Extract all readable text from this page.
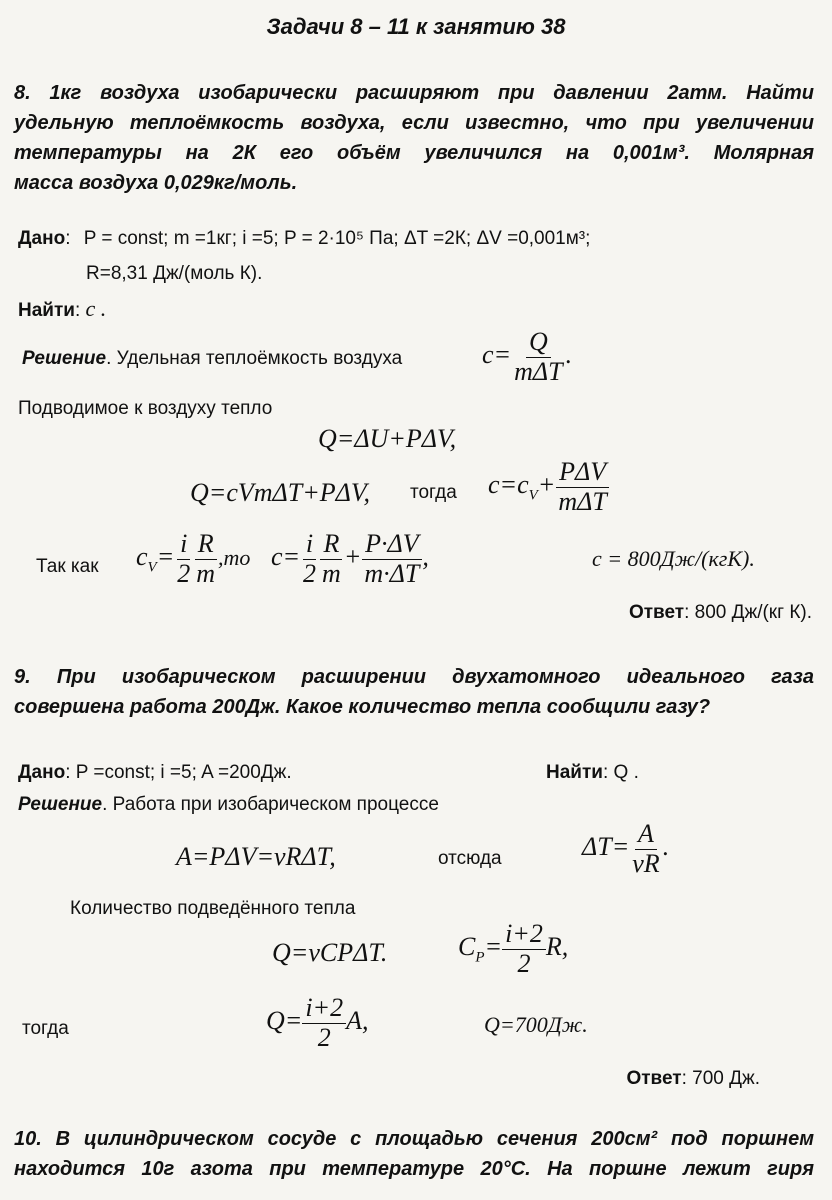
Задачи 8 – 11 к занятию 38
8. 1кг воздуха изобарически расширяют при давлении 2атм. Найти
удельную теплоёмкость воздуха, если известно, что при увеличении
температуры на 2К его объём увеличился на 0,001м³. Молярная
масса воздуха 0,029кг/моль.
Дано: P = const; m =1кг; i =5; P = 2·10⁵ Па; ΔT =2К; ΔV =0,001м³;
R=8,31 Дж/(моль К).
Найти: c .
Решение. Удельная теплоёмкость воздуха	$c= \frac{Q}{\text{mΔT}}$ .
Подводимое к воздуху тепло
Q=ΔU+PΔV,
Q=cVmΔT+PΔV, тогда $c=c_V+ \frac{\text{PΔV}}{\text{mΔT}}$
Так как $c_V= \frac{i}{2} \frac{R}{m} ,то$ $c= \frac{i}{2} \frac{R}{m} + \frac{P\cdot\Delta V}{m\cdot\Delta T}$ ,	c = 800Дж/(кгК).
Ответ: 800 Дж/(кг К).
9. При изобарическом расширении двухатомного идеального газа
совершена работа 200Дж. Какое количество тепла сообщили газу?
Дано: P =const; i =5; A =200Дж.	Найти: Q .
Решение. Работа при изобарическом процессе
A=PΔV=νRΔT,	отсюда	$\Delta T= \frac{A}{\nu R}$ .
Количество подведённого тепла
Q=νCPΔT.	$C_P= \frac{i+2}{2} R$,
тогда	$Q= \frac{i+2}{2} A$,	Q=700Дж.
Ответ: 700 Дж.
10. В цилиндрическом сосуде с площадью сечения 200см² под поршнем
находится 10г азота при температуре 20°С. На поршне лежит гиря
